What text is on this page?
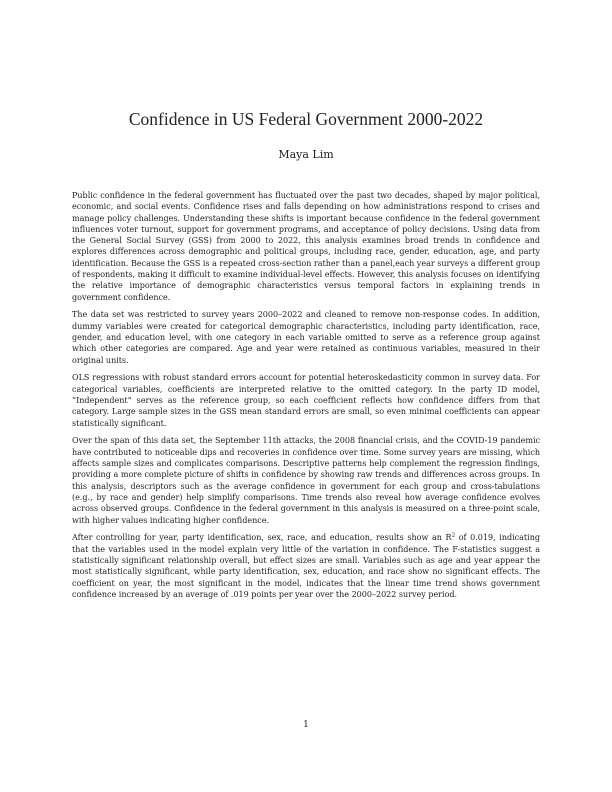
Confidence in US Federal Government 2000-2022
Maya Lim

Public confidence in the federal government has fluctuated over the past two decades, shaped by major political, economic, and social events. Confidence rises and falls depending on how administrations respond to crises and manage policy challenges. Understanding these shifts is important because confidence in the federal government influences voter turnout, support for government programs, and acceptance of policy decisions. Using data from the General Social Survey (GSS) from 2000 to 2022, this analysis examines broad trends in confidence and explores differences across demographic and political groups, including race, gender, education, age, and party identification. Because the GSS is a repeated cross-section rather than a panel,each year surveys a different group of respondents, making it difficult to examine individual-level effects. However, this analysis focuses on identifying the relative importance of demographic characteristics versus temporal factors in explaining trends in government confidence.

The data set was restricted to survey years 2000–2022 and cleaned to remove non-response codes. In addition, dummy variables were created for categorical demographic characteristics, including party identification, race, gender, and education level, with one category in each variable omitted to serve as a reference group against which other categories are compared. Age and year were retained as continuous variables, measured in their original units.

OLS regressions with robust standard errors account for potential heteroskedasticity common in survey data. For categorical variables, coefficients are interpreted relative to the omitted category. In the party ID model, “Independent” serves as the reference group, so each coefficient reflects how confidence differs from that category. Large sample sizes in the GSS mean standard errors are small, so even minimal coefficients can appear statistically significant.

Over the span of this data set, the September 11th attacks, the 2008 financial crisis, and the COVID-19 pandemic have contributed to noticeable dips and recoveries in confidence over time. Some survey years are missing, which affects sample sizes and complicates comparisons. Descriptive patterns help complement the regression findings, providing a more complete picture of shifts in confidence by showing raw trends and differences across groups. In this analysis, descriptors such as the average confidence in government for each group and cross-tabulations (e.g., by race and gender) help simplify comparisons. Time trends also reveal how average confidence evolves across observed groups. Confidence in the federal government in this analysis is measured on a three-point scale, with higher values indicating higher confidence.

After controlling for year, party identification, sex, race, and education, results show an $R^2$ of 0.019, indicating that the variables used in the model explain very little of the variation in confidence. The F-statistics suggest a statistically significant relationship overall, but effect sizes are small. Variables such as age and year appear the most statistically significant, while party identification, sex, education, and race show no significant effects. The coefficient on year, the most significant in the model, indicates that the linear time trend shows government confidence increased by an average of .019 points per year over the 2000–2022 survey period.

1
